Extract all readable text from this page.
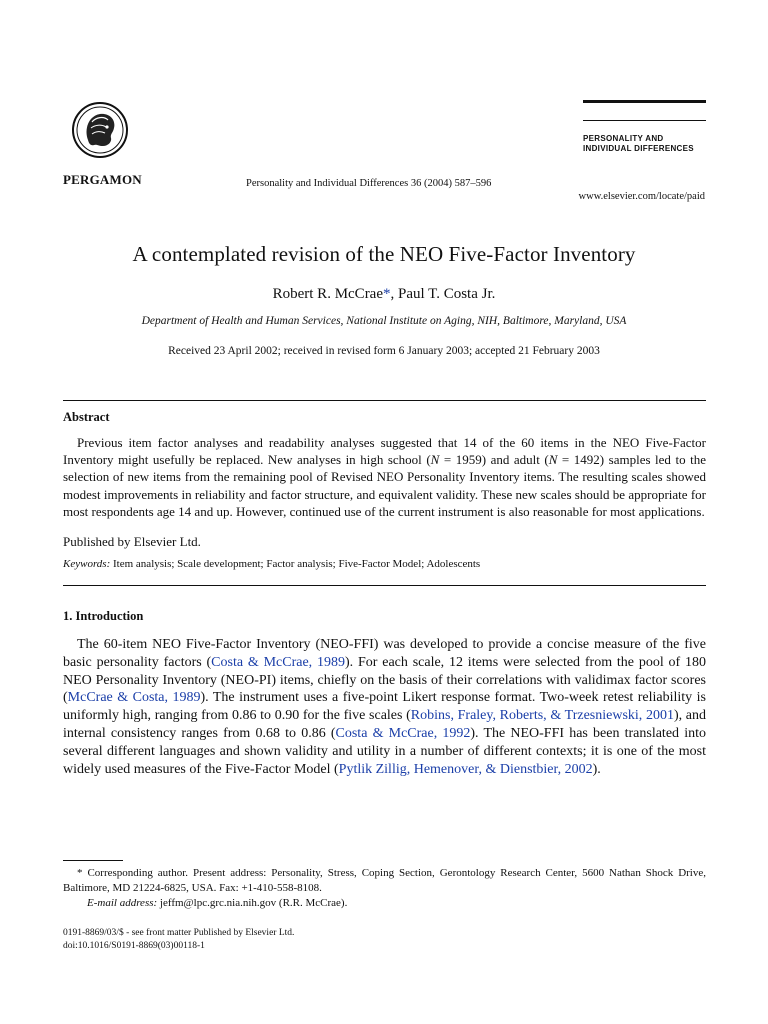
PERGAMON	Personality and Individual Differences 36 (2004) 587–596
PERSONALITY AND
INDIVIDUAL DIFFERENCES
www.elsevier.com/locate/paid
A contemplated revision of the NEO Five-Factor Inventory
Robert R. McCrae*, Paul T. Costa Jr.
Department of Health and Human Services, National Institute on Aging, NIH, Baltimore, Maryland, USA
Received 23 April 2002; received in revised form 6 January 2003; accepted 21 February 2003
Abstract
Previous item factor analyses and readability analyses suggested that 14 of the 60 items in the NEO Five-Factor Inventory might usefully be replaced. New analyses in high school (N = 1959) and adult (N = 1492) samples led to the selection of new items from the remaining pool of Revised NEO Personality Inventory items. The resulting scales showed modest improvements in reliability and factor structure, and equivalent validity. These new scales should be appropriate for most respondents age 14 and up. However, continued use of the current instrument is also reasonable for most applications.
Published by Elsevier Ltd.
Keywords: Item analysis; Scale development; Factor analysis; Five-Factor Model; Adolescents
1. Introduction
The 60-item NEO Five-Factor Inventory (NEO-FFI) was developed to provide a concise measure of the five basic personality factors (Costa & McCrae, 1989). For each scale, 12 items were selected from the pool of 180 NEO Personality Inventory (NEO-PI) items, chiefly on the basis of their correlations with validimax factor scores (McCrae & Costa, 1989). The instrument uses a five-point Likert response format. Two-week retest reliability is uniformly high, ranging from 0.86 to 0.90 for the five scales (Robins, Fraley, Roberts, & Trzesniewski, 2001), and internal consistency ranges from 0.68 to 0.86 (Costa & McCrae, 1992). The NEO-FFI has been translated into several different languages and shown validity and utility in a number of different contexts; it is one of the most widely used measures of the Five-Factor Model (Pytlik Zillig, Hemenover, & Dienstbier, 2002).
* Corresponding author. Present address: Personality, Stress, Coping Section, Gerontology Research Center, 5600 Nathan Shock Drive, Baltimore, MD 21224-6825, USA. Fax: +1-410-558-8108.
E-mail address: jeffm@lpc.grc.nia.nih.gov (R.R. McCrae).
0191-8869/03/$ - see front matter Published by Elsevier Ltd.
doi:10.1016/S0191-8869(03)00118-1
